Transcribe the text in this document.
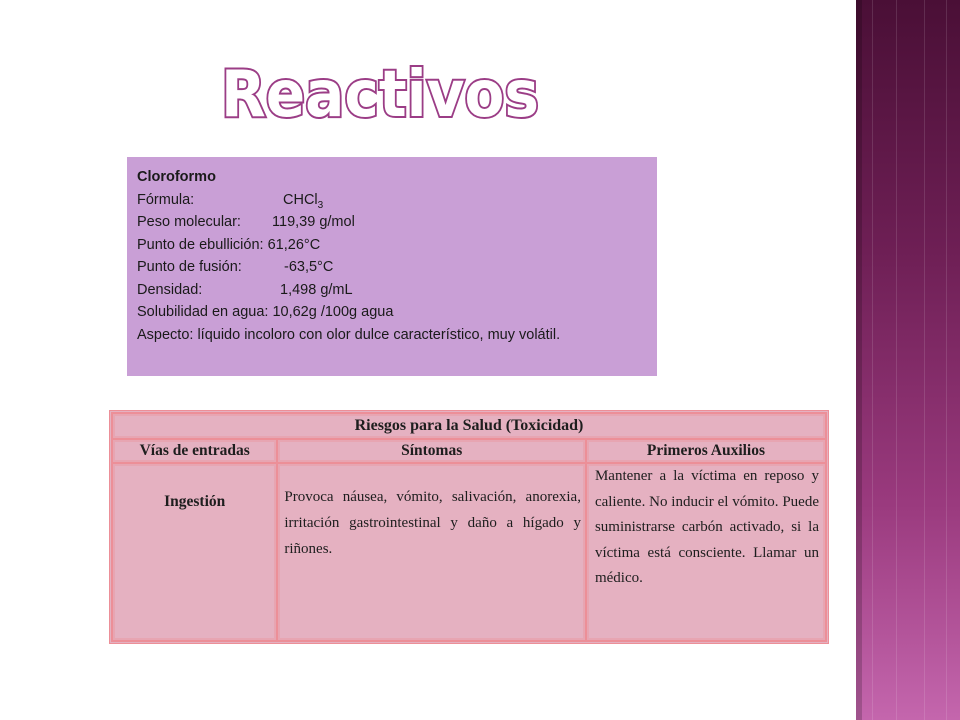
Reactivos
Cloroformo
Fórmula:	CHCl$_3$
Peso molecular: 119,39 g/mol
Punto de ebullición: 61,26°C
Punto de fusión:	-63,5°C
Densidad:	1,498 g/mL
Solubilidad en agua: 10,62g /100g agua
Aspecto: líquido incoloro con olor dulce característico, muy volátil.
Riesgos para la Salud (Toxicidad)		
Vías de entradas	Síntomas	Primeros Auxilios
Ingestión	Provoca náusea, vómito, salivación, anorexia, irritación gastrointestinal y daño a hígado y riñones.	Mantener a la víctima en reposo y caliente. No inducir el vómito. Puede suministrarse carbón activado, si la víctima está consciente. Llamar un médico.
